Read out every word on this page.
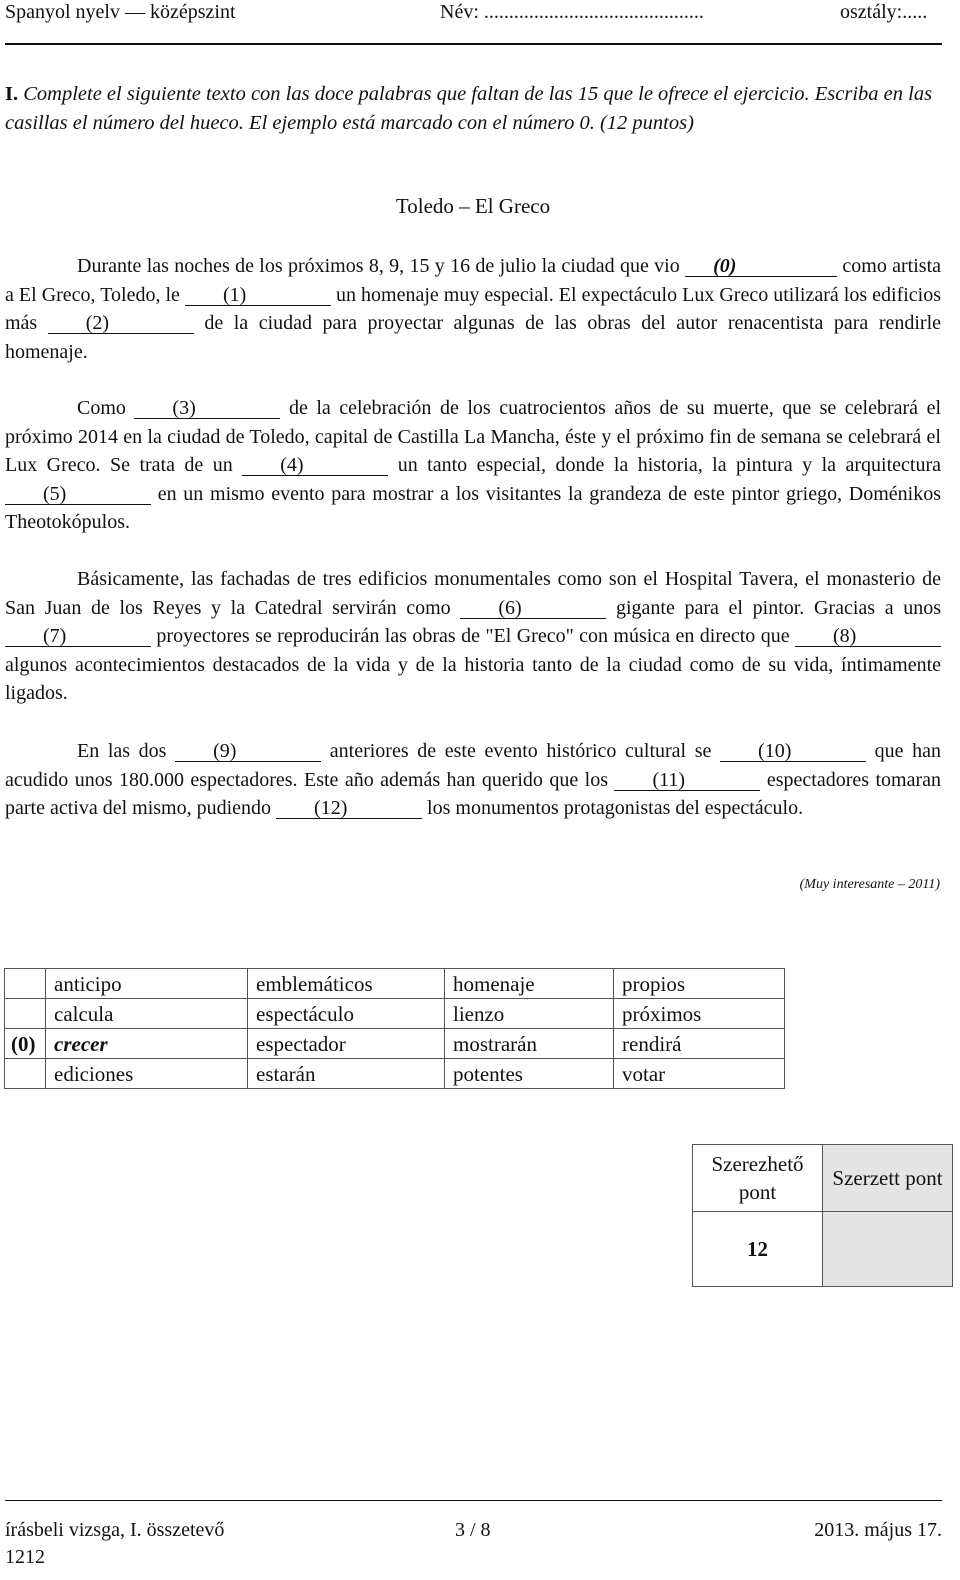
Spanyol nyelv — középszint	Név: ............................................	osztály:.....
I. Complete el siguiente texto con las doce palabras que faltan de las 15 que le ofrece el ejercicio. Escriba en las casillas el número del hueco. El ejemplo está marcado con el número 0. (12 puntos)
Toledo – El Greco
Durante las noches de los próximos 8, 9, 15 y 16 de julio la ciudad que vio (0)	como artista a El Greco, Toledo, le (1)	un homenaje muy especial. El expectáculo Lux Greco utilizará los edificios más (2)	de la ciudad para proyectar algunas de las obras del autor renacentista para rendirle homenaje.
Como (3)	de la celebración de los cuatrocientos años de su muerte, que se celebrará el próximo 2014 en la ciudad de Toledo, capital de Castilla La Mancha, éste y el próximo fin de semana se celebrará el Lux Greco. Se trata de un (4)	un tanto especial, donde la historia, la pintura y la arquitectura (5)	en un mismo evento para mostrar a los visitantes la grandeza de este pintor griego, Doménikos Theotokópulos.
Básicamente, las fachadas de tres edificios monumentales como son el Hospital Tavera, el monasterio de San Juan de los Reyes y la Catedral servirán como (6)	gigante para el pintor. Gracias a unos (7)	proyectores se reproducirán las obras de "El Greco" con música en directo que (8) algunos acontecimientos destacados de la vida y de la historia tanto de la ciudad como de su vida, íntimamente ligados.
En las dos (9)	anteriores de este evento histórico cultural se (10)	que han acudido unos 180.000 espectadores. Este año además han querido que los (11)	espectadores tomaran parte activa del mismo, pudiendo (12)	los monumentos protagonistas del espectáculo.
(Muy interesante – 2011)
	anticipo	emblemáticos	homenaje	propios
	calcula	espectáculo	lienzo	próximos
(0)	crecer	espectador	mostrarán	rendirá
	ediciones	estarán	potentes	votar
Szerezhető pont	Szerzett pont
12	
írásbeli vizsga, I. összetevő	3 / 8	2013. május 17.
1212
